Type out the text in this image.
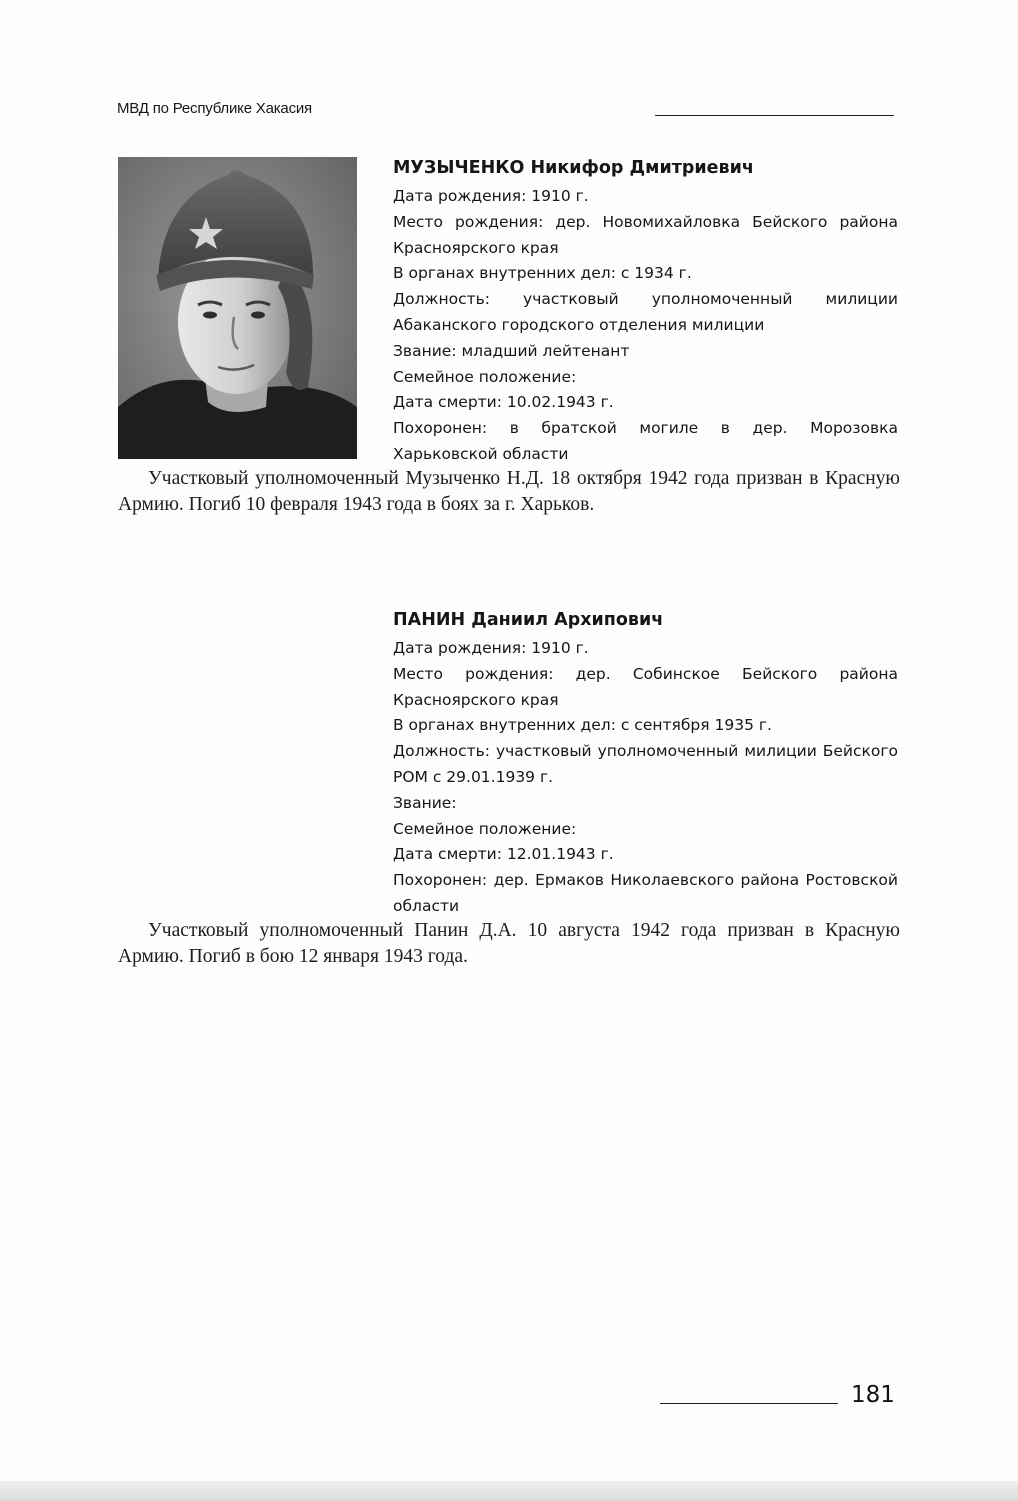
МВД по Республике Хакасия
МУЗЫЧЕНКО Никифор Дмитриевич
Дата рождения: 1910 г.
Место рождения: дер. Новомихайловка Бейского района Красноярского края
В органах внутренних дел: с 1934 г.
Должность: участковый уполномоченный милиции Абаканского городского отделения милиции
Звание: младший лейтенант
Семейное положение:
Дата смерти: 10.02.1943 г.
Похоронен: в братской могиле в дер. Морозовка Харьковской области

Участковый уполномоченный Музыченко Н.Д. 18 октября 1942 года призван в Красную Армию. Погиб 10 февраля 1943 года в боях за г. Харьков.

ПАНИН Даниил Архипович
Дата рождения: 1910 г.
Место рождения: дер. Собинское Бейского района Красноярского края
В органах внутренних дел: с сентября 1935 г.
Должность: участковый уполномоченный милиции Бейского РОМ с 29.01.1939 г.
Звание:
Семейное положение:
Дата смерти: 12.01.1943 г.
Похоронен: дер. Ермаков Николаевского района Ростовской области

Участковый уполномоченный Панин Д.А. 10 августа 1942 года призван в Красную Армию. Погиб в бою 12 января 1943 года.

181
